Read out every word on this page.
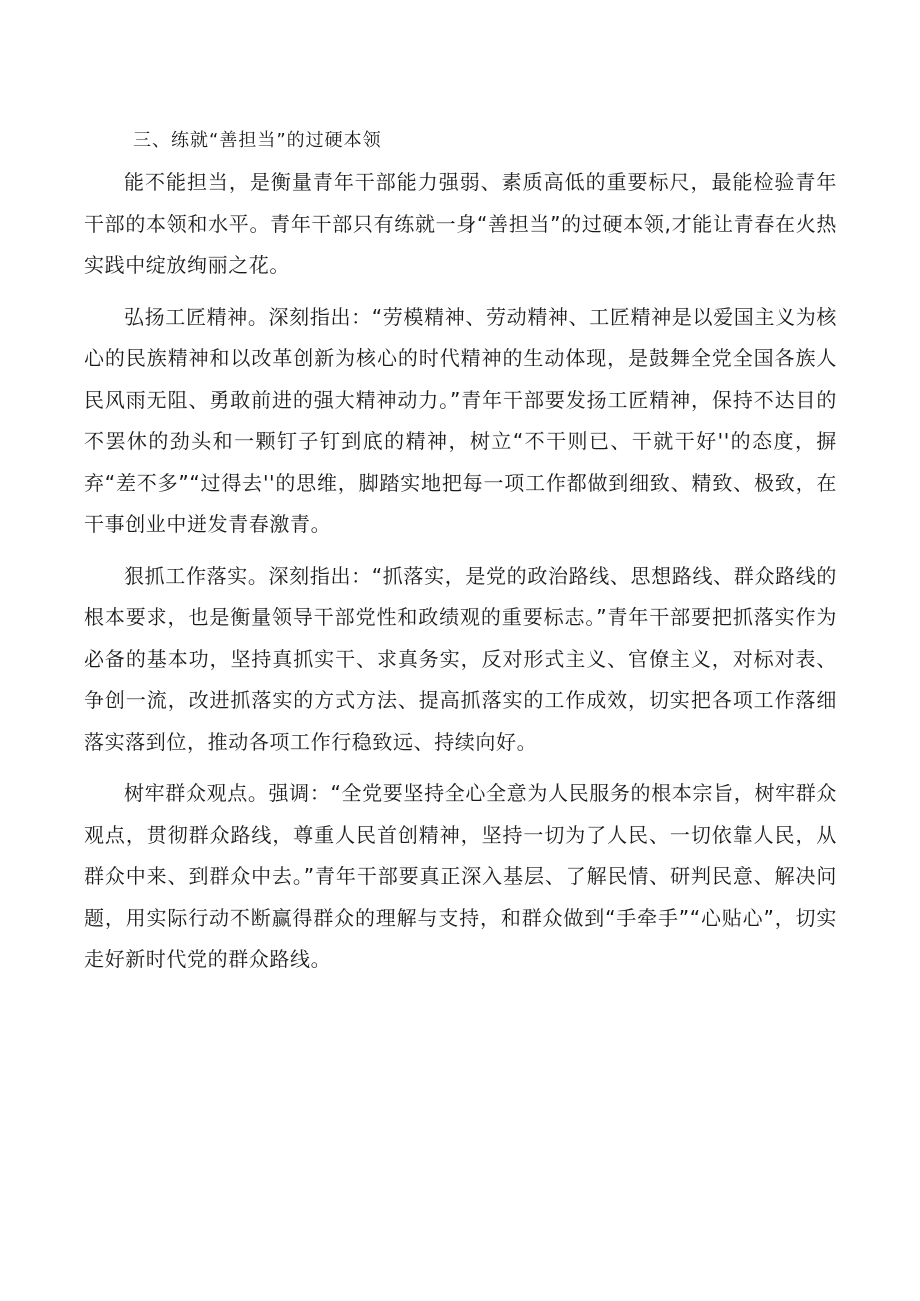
三、练就“善担当”的过硬本领

能不能担当，是衡量青年干部能力强弱、素质高低的重要标尺，最能检验青年干部的本领和水平。青年干部只有练就一身“善担当”的过硬本领,才能让青春在火热实践中绽放绚丽之花。

弘扬工匠精神。深刻指出：“劳模精神、劳动精神、工匠精神是以爱国主义为核心的民族精神和以改革创新为核心的时代精神的生动体现，是鼓舞全党全国各族人民风雨无阻、勇敢前进的强大精神动力。”青年干部要发扬工匠精神，保持不达目的不罢休的劲头和一颗钉子钉到底的精神，树立“不干则已、干就干好''的态度，摒弃“差不多”“过得去''的思维，脚踏实地把每一项工作都做到细致、精致、极致，在干事创业中迸发青春激青。

狠抓工作落实。深刻指出：“抓落实，是党的政治路线、思想路线、群众路线的根本要求，也是衡量领导干部党性和政绩观的重要标志。”青年干部要把抓落实作为必备的基本功，坚持真抓实干、求真务实，反对形式主义、官僚主义，对标对表、争创一流，改进抓落实的方式方法、提高抓落实的工作成效，切实把各项工作落细落实落到位，推动各项工作行稳致远、持续向好。

树牢群众观点。强调：“全党要坚持全心全意为人民服务的根本宗旨，树牢群众观点，贯彻群众路线，尊重人民首创精神，坚持一切为了人民、一切依靠人民，从群众中来、到群众中去。”青年干部要真正深入基层、了解民情、研判民意、解决问题，用实际行动不断赢得群众的理解与支持，和群众做到“手牵手”“心贴心”，切实走好新时代党的群众路线。
